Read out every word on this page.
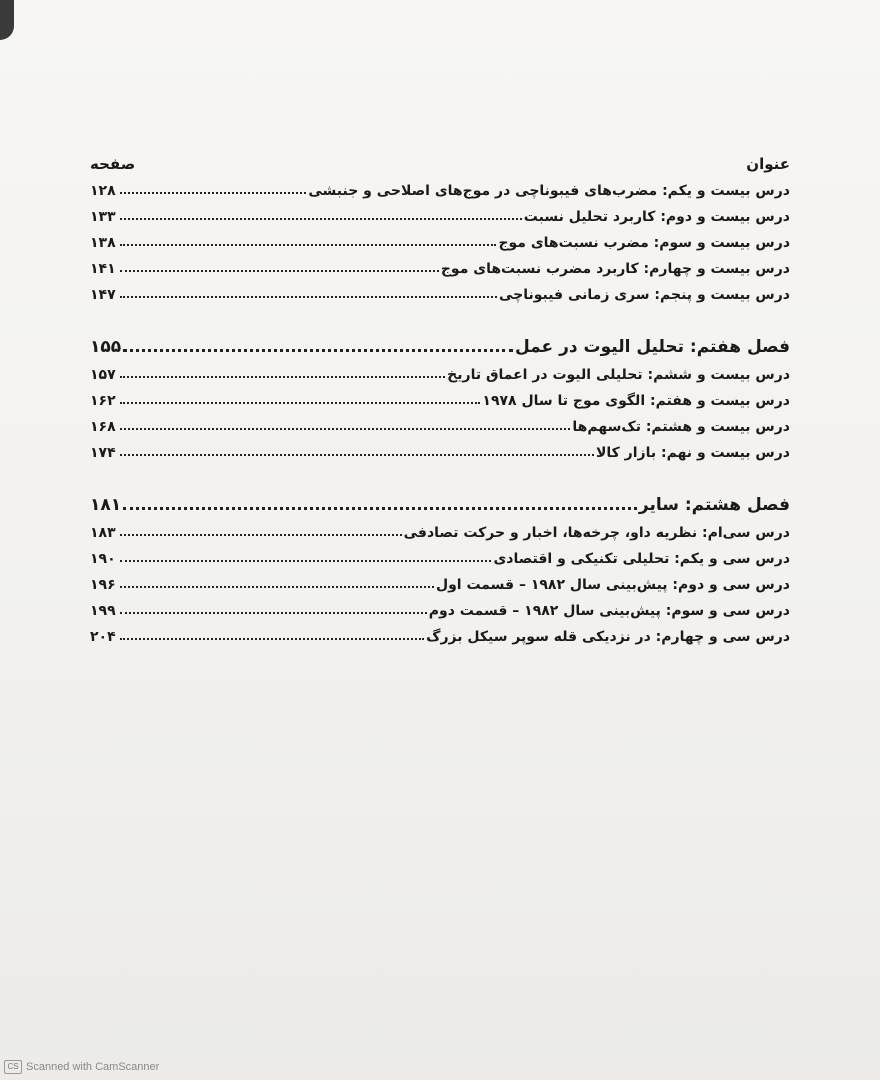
عنوان
صفحه
درس بیست و یکم: مضرب‌های فیبوناچی در موج‌های اصلاحی و جنبشی
۱۲۸
درس بیست و دوم: کاربرد تحلیل نسبت
۱۳۳
درس بیست و سوم: مضرب نسبت‌های موج
۱۳۸
درس بیست و چهارم: کاربرد مضرب نسبت‌های موج
۱۴۱
درس بیست و پنجم: سری زمانی فیبوناچی
۱۴۷
فصل هفتم: تحلیل الیوت در عمل
۱۵۵
درس بیست و ششم: تحلیلی الیوت در اعماق تاریخ
۱۵۷
درس بیست و هفتم: الگوی موج تا سال ۱۹۷۸
۱۶۲
درس بیست و هشتم: تک‌سهم‌ها
۱۶۸
درس بیست و نهم: بازار کالا
۱۷۴
فصل هشتم: سایر
۱۸۱
درس سی‌ام: نظریه داو، چرخه‌ها، اخبار و حرکت تصادفی
۱۸۳
درس سی و یکم: تحلیلی تکنیکی و اقتصادی
۱۹۰
درس سی و دوم: پیش‌بینی سال ۱۹۸۲ – قسمت اول
۱۹۶
درس سی و سوم: پیش‌بینی سال ۱۹۸۲ – قسمت دوم
۱۹۹
درس سی و چهارم: در نزدیکی قله سوپر سیکل بزرگ
۲۰۴
CS Scanned with CamScanner
